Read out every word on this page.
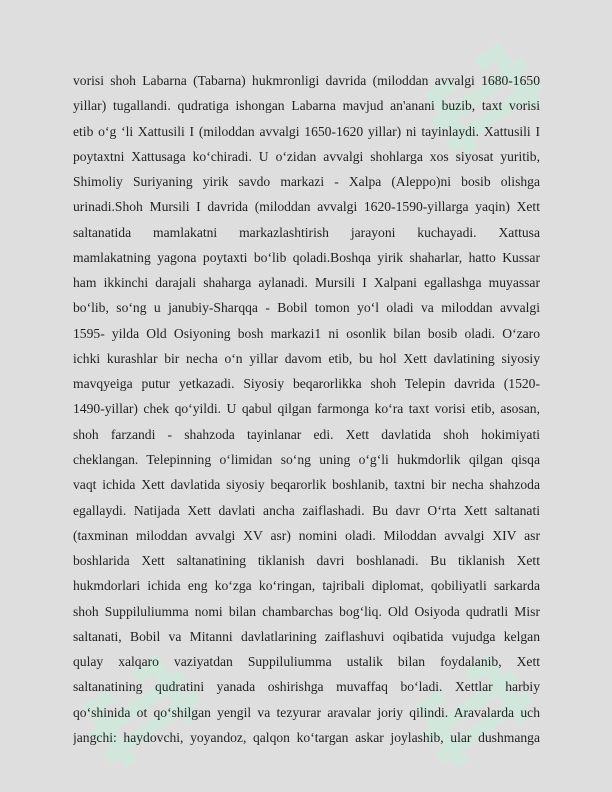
vorisi shoh Labarna (Tabarna) hukmronligi davrida (miloddan avvalgi 1680-1650
yillar) tugallandi. qudratiga ishongan Labarna mavjud an'anani buzib, taxt vorisi
etib o‘g ‘li Xattusili I (miloddan avvalgi 1650-1620 yillar) ni tayinlaydi. Xattusili I
poytaxtni Xattusaga ko‘chiradi. U o‘zidan avvalgi shohlarga xos siyosat yuritib,
Shimoliy Suriyaning yirik savdo markazi - Xalpa (Aleppo)ni bosib olishga
urinadi.Shoh Mursili I davrida (miloddan avvalgi 1620-1590-yillarga yaqin) Xett
saltanatida mamlakatni markazlashtirish jarayoni kuchayadi. Xattusa
mamlakatning yagona poytaxti bo‘lib qoladi.Boshqa yirik shaharlar, hatto Kussar
ham ikkinchi darajali shaharga aylanadi. Mursili I Xalpani egallashga muyassar
bo‘lib, so‘ng u janubiy-Sharqqa - Bobil tomon yo‘l oladi va miloddan avvalgi
1595- yilda Old Osiyoning bosh markazi1 ni osonlik bilan bosib oladi. O‘zaro
ichki kurashlar bir necha o‘n yillar davom etib, bu hol Xett davlatining siyosiy
mavqyeiga putur yetkazadi. Siyosiy beqarorlikka shoh Telepin davrida (1520-
1490-yillar) chek qo‘yildi. U qabul qilgan farmonga ko‘ra taxt vorisi etib, asosan,
shoh farzandi - shahzoda tayinlanar edi. Xett davlatida shoh hokimiyati
cheklangan. Telepinning o‘limidan so‘ng uning o‘g‘li hukmdorlik qilgan qisqa
vaqt ichida Xett davlatida siyosiy beqarorlik boshlanib, taxtni bir necha shahzoda
egallaydi. Natijada Xett davlati ancha zaiflashadi. Bu davr O‘rta Xett saltanati
(taxminan miloddan avvalgi XV asr) nomini oladi. Miloddan avvalgi XIV asr
boshlarida Xett saltanatining tiklanish davri boshlanadi. Bu tiklanish Xett
hukmdorlari ichida eng ko‘zga ko‘ringan, tajribali diplomat, qobiliyatli sarkarda
shoh Suppiluliumma nomi bilan chambarchas bog‘liq. Old Osiyoda qudratli Misr
saltanati, Bobil va Mitanni davlatlarining zaiflashuvi oqibatida vujudga kelgan
qulay xalqaro vaziyatdan Suppiluliumma ustalik bilan foydalanib, Xett
saltanatining qudratini yanada oshirishga muvaffaq bo‘ladi. Xettlar harbiy
qo‘shinida ot qo‘shilgan yengil va tezyurar aravalar joriy qilindi. Aravalarda uch
jangchi: haydovchi, yoyandoz, qalqon ko‘targan askar joylashib, ular dushmanga
